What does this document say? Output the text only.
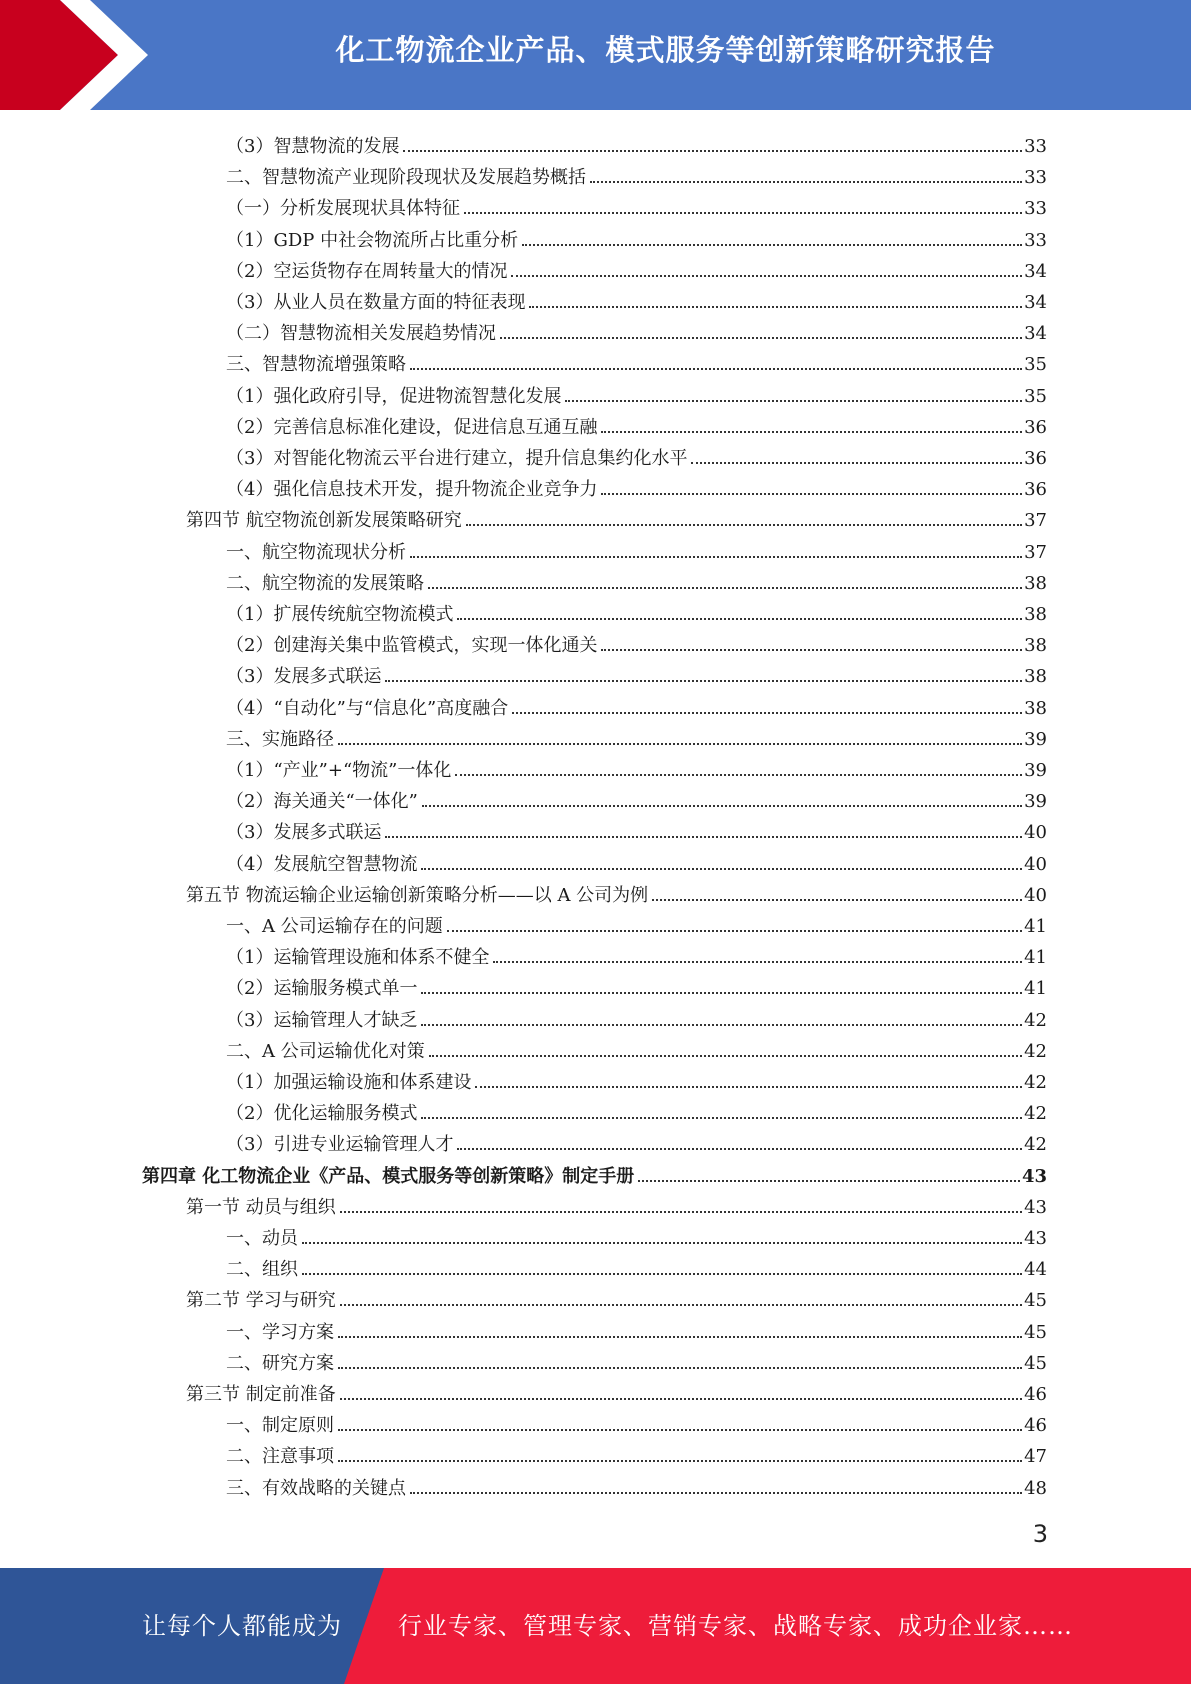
化工物流企业产品、模式服务等创新策略研究报告
（3）智慧物流的发展	33
二、智慧物流产业现阶段现状及发展趋势概括	33
（一）分析发展现状具体特征	33
（1）GDP 中社会物流所占比重分析	33
（2）空运货物存在周转量大的情况	34
（3）从业人员在数量方面的特征表现	34
（二）智慧物流相关发展趋势情况	34
三、智慧物流增强策略	35
（1）强化政府引导，促进物流智慧化发展	35
（2）完善信息标准化建设，促进信息互通互融	36
（3）对智能化物流云平台进行建立，提升信息集约化水平	36
（4）强化信息技术开发，提升物流企业竞争力	36
第四节 航空物流创新发展策略研究	37
一、航空物流现状分析	37
二、航空物流的发展策略	38
（1）扩展传统航空物流模式	38
（2）创建海关集中监管模式，实现一体化通关	38
（3）发展多式联运	38
（4）“自动化”与“信息化”高度融合	38
三、实施路径	39
（1）“产业”+“物流”一体化	39
（2）海关通关“一体化”	39
（3）发展多式联运	40
（4）发展航空智慧物流	40
第五节 物流运输企业运输创新策略分析——以 A 公司为例	40
一、A 公司运输存在的问题	41
（1）运输管理设施和体系不健全	41
（2）运输服务模式单一	41
（3）运输管理人才缺乏	42
二、A 公司运输优化对策	42
（1）加强运输设施和体系建设	42
（2）优化运输服务模式	42
（3）引进专业运输管理人才	42
第四章 化工物流企业《产品、模式服务等创新策略》制定手册	43
第一节 动员与组织	43
一、动员	43
二、组织	44
第二节 学习与研究	45
一、学习方案	45
二、研究方案	45
第三节 制定前准备	46
一、制定原则	46
二、注意事项	47
三、有效战略的关键点	48
3
让每个人都能成为 行业专家、管理专家、营销专家、战略专家、成功企业家……
